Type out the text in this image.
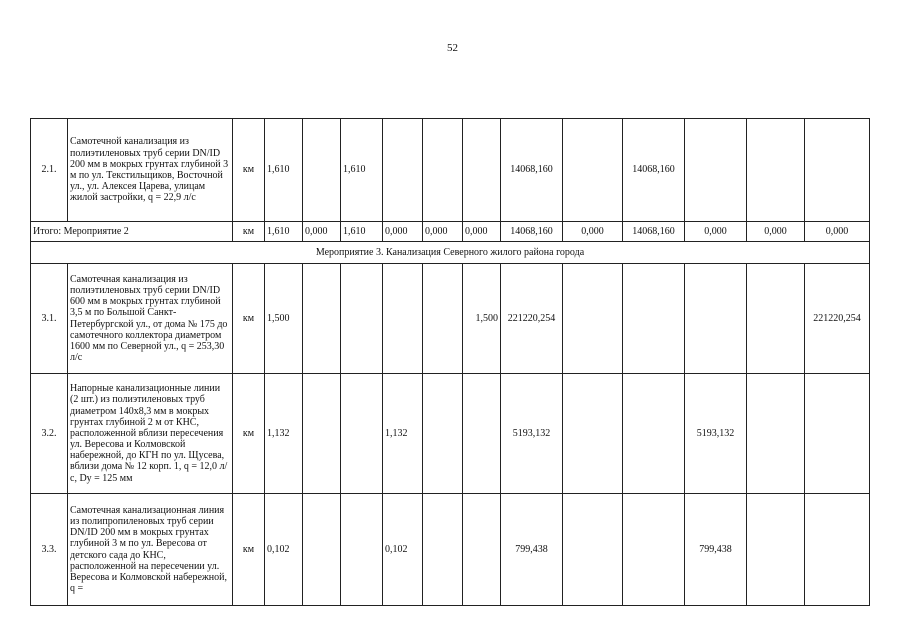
52
2.1.	Самотечной канализация из полиэтиленовых труб серии DN/ID 200 мм в мокрых грунтах глубиной 3 м по ул. Текстильщиков, Восточной ул., ул. Алексея Царева, улицам жилой застройки, q = 22,9 л/с	км	1,610		1,610				14068,160		14068,160			
Итого: Мероприятие 2		км	1,610	0,000	1,610	0,000	0,000	0,000	14068,160	0,000	14068,160	0,000	0,000	0,000
Мероприятие 3. Канализация Северного жилого района города														
3.1.	Самотечная канализация из полиэтиленовых труб серии DN/ID 600 мм в мокрых грунтах глубиной 3,5 м по Большой Санкт-Петербургской ул., от дома № 175 до самотечного коллектора диаметром 1600 мм по Северной ул., q = 253,30 л/с	км	1,500					1,500	221220,254					221220,254
3.2.	Напорные канализационные линии (2 шт.) из полиэтиленовых труб диаметром 140х8,3 мм в мокрых грунтах глубиной 2 м от КНС, расположенной вблизи пересечения ул. Вересова и Колмовской набережной, до КГН по ул. Щусева, вблизи дома № 12 корп. 1, q = 12,0 л/с, Dy = 125 мм	км	1,132			1,132			5193,132			5193,132		
3.3.	Самотечная канализационная линия из полипропиленовых труб серии DN/ID 200 мм в мокрых грунтах глубиной 3 м по ул. Вересова от детского сада до КНС, расположенной на пересечении ул. Вересова и Колмовской набережной, q =	км	0,102			0,102			799,438			799,438		
